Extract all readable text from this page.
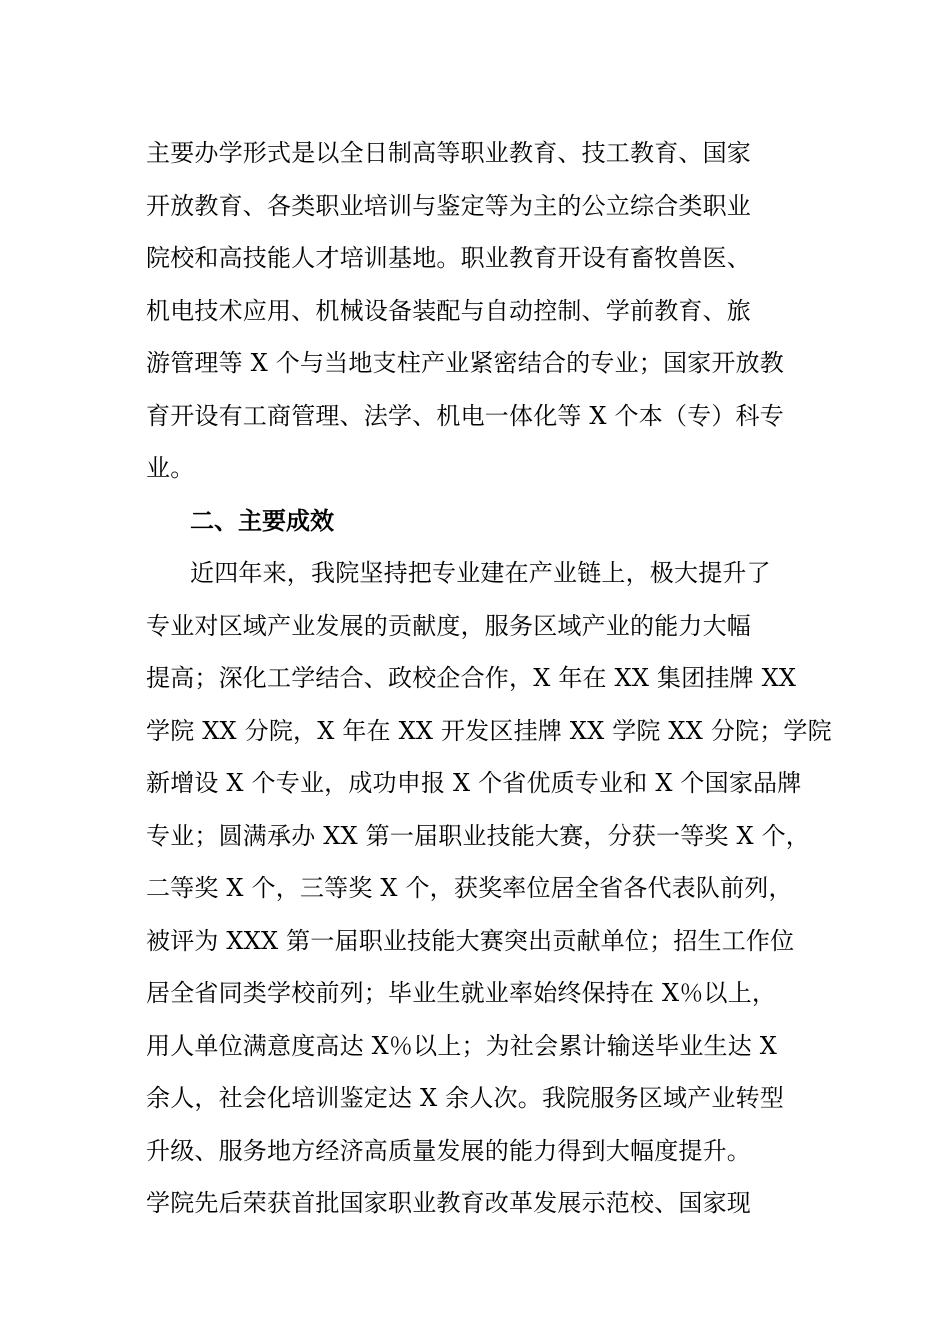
主要办学形式是以全日制高等职业教育、技工教育、国家
开放教育、各类职业培训与鉴定等为主的公立综合类职业
院校和高技能人才培训基地。职业教育开设有畜牧兽医、
机电技术应用、机械设备装配与自动控制、学前教育、旅
游管理等 X 个与当地支柱产业紧密结合的专业；国家开放教
育开设有工商管理、法学、机电一体化等 X 个本（专）科专
业。
二、主要成效
近四年来，我院坚持把专业建在产业链上，极大提升了
专业对区域产业发展的贡献度，服务区域产业的能力大幅
提高；深化工学结合、政校企合作，X 年在 XX 集团挂牌 XX
学院 XX 分院，X 年在 XX 开发区挂牌 XX 学院 XX 分院；学院
新增设 X 个专业，成功申报 X 个省优质专业和 X 个国家品牌
专业；圆满承办 XX 第一届职业技能大赛，分获一等奖 X 个，
二等奖 X 个，三等奖 X 个，获奖率位居全省各代表队前列，
被评为 XXX 第一届职业技能大赛突出贡献单位；招生工作位
居全省同类学校前列；毕业生就业率始终保持在 X％以上，
用人单位满意度高达 X％以上；为社会累计输送毕业生达 X
余人，社会化培训鉴定达 X 余人次。我院服务区域产业转型
升级、服务地方经济高质量发展的能力得到大幅度提升。
学院先后荣获首批国家职业教育改革发展示范校、国家现
